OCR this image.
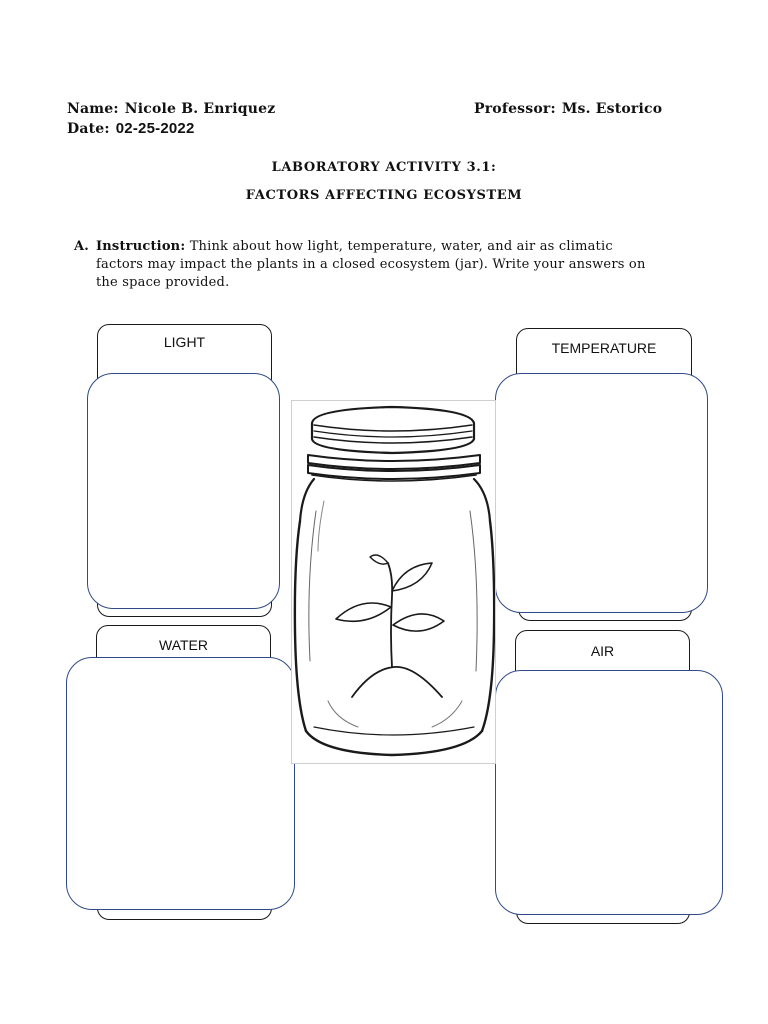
Name: Nicole B. Enriquez	Professor: Ms. Estorico
Date: 02-25-2022
LABORATORY ACTIVITY 3.1:
FACTORS AFFECTING ECOSYSTEM
A. Instruction: Think about how light, temperature, water, and air as climatic
factors may impact the plants in a closed ecosystem (jar). Write your answers on
the space provided.
LIGHT	TEMPERATURE
WATER	AIR
